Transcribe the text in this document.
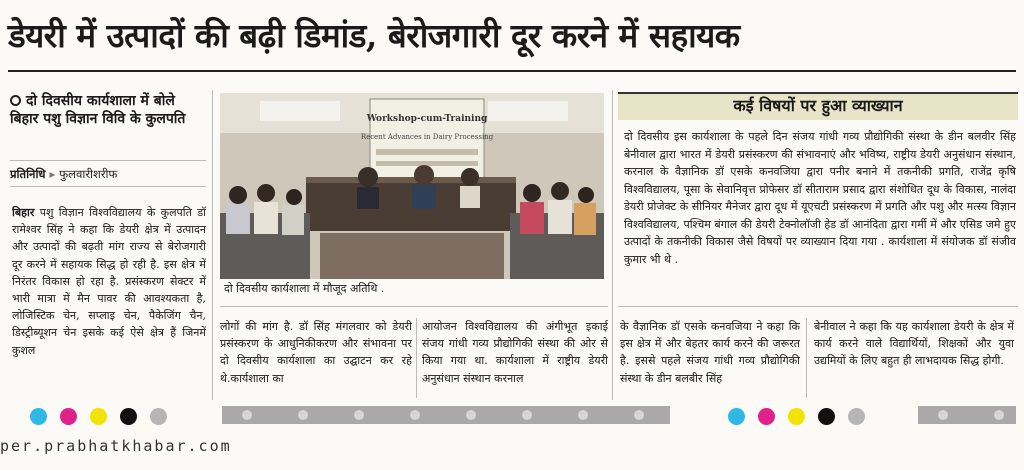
डेयरी में उत्पादों की बढ़ी डिमांड, बेरोजगारी दूर करने में सहायक
दो दिवसीय कार्यशाला में बोले बिहार पशु विज्ञान विवि के कुलपति
प्रतिनिधि ▸ फुलवारीशरीफ
बिहार पशु विज्ञान विश्वविद्यालय के कुलपति डॉ रामेश्वर सिंह ने कहा कि डेयरी क्षेत्र में उत्पादन और उत्पादों की बढ़ती मांग राज्य से बेरोजगारी दूर करने में सहायक सिद्ध हो रही है. इस क्षेत्र में निरंतर विकास हो रहा है. प्रसंस्करण सेक्टर में भारी मात्रा में मैन पावर की आवश्यकता है, लोजिस्टिक चेन, सप्लाइ चेन, पैकेजिंग चैन, डिस्ट्रीब्यूशन चेन इसके कई ऐसे क्षेत्र हैं जिनमें कुशल
Workshop-cum-Training
Recent Advances in Dairy Processing
दो दिवसीय कार्यशाला में मौजूद अतिथि .
लोगों की मांग है. डॉ सिंह मंगलवार को डेयरी प्रसंस्करण के आधुनिकीकरण और संभावना पर दो दिवसीय कार्यशाला का उद्घाटन कर रहे थे.कार्यशाला का
आयोजन विश्वविद्यालय की अंगीभूत इकाई संजय गांधी गव्य प्रौद्योगिकी संस्था की ओर से किया गया था. कार्यशाला में राष्ट्रीय डेयरी अनुसंधान संस्थान करनाल
के वैज्ञानिक डॉ एसके कनवजिया ने कहा कि इस क्षेत्र में और बेहतर कार्य करने की जरूरत है. इससे पहले संजय गांधी गव्य प्रौद्योगिकी संस्था के डीन बलबीर सिंह
बेनीवाल ने कहा कि यह कार्यशाला डेयरी के क्षेत्र में कार्य करने वाले विद्यार्थियों, शिक्षकों और युवा उद्यमियों के लिए बहुत ही लाभदायक सिद्ध होगी.
कई विषयों पर हुआ व्याख्यान
दो दिवसीय इस कार्यशाला के पहले दिन संजय गांधी गव्य प्रौद्योगिकी संस्था के डीन बलवीर सिंह बेनीवाल द्वारा भारत में डेयरी प्रसंस्करण की संभावनाएं और भविष्य, राष्ट्रीय डेयरी अनुसंधान संस्थान, करनाल के वैज्ञानिक डॉ एसके कनवजिया द्वारा पनीर बनाने में तकनीकी प्रगति, राजेंद्र कृषि विश्वविद्यालय, पूसा के सेवानिवृत्त प्रोफेसर डॉ सीताराम प्रसाद द्वारा संशोधित दूध के विकास, नालंदा डेयरी प्रोजेक्ट के सीनियर मैनेजर द्वारा दूध में यूएचटी प्रसंस्करण में प्रगति और पशु और मत्स्य विज्ञान विश्वविद्यालय, पश्चिम बंगाल की डेयरी टेक्नोलॉजी हेड डॉ आनंदिता द्वारा गर्मी में और एसिड जमे हुए उत्पादों के तकनीकी विकास जैसे विषयों पर व्याख्यान दिया गया . कार्यशाला में संयोजक डॉ संजीव कुमार भी थे .
per.prabhatkhabar.com
